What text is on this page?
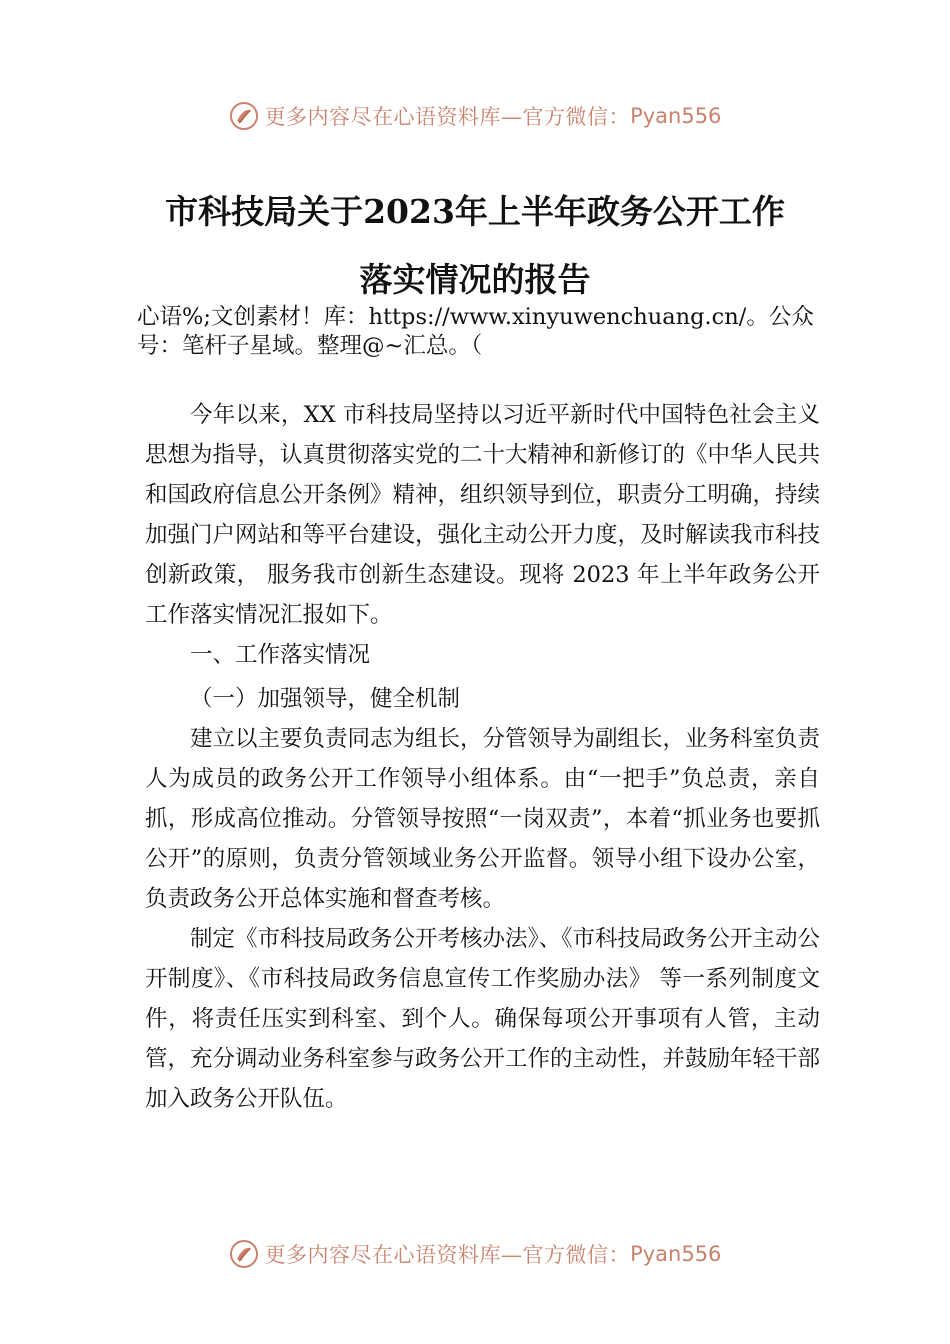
更多内容尽在心语资料库—官方微信： Pyan556
市科技局关于2023年上半年政务公开工作
落实情况的报告
心语%;文创素材！库：https://www.xinyuwenchuang.cn/。公众号：笔杆子星域。整理@~汇总。（

今年以来，XX 市科技局坚持以习近平新时代中国特色社会主义思想为指导，认真贯彻落实党的二十大精神和新修订的《中华人民共和国政府信息公开条例》精神，组织领导到位，职责分工明确，持续加强门户网站和等平台建设，强化主动公开力度，及时解读我市科技创新政策， 服务我市创新生态建设。现将 2023 年上半年政务公开工作落实情况汇报如下。

一、工作落实情况

（一）加强领导，健全机制

建立以主要负责同志为组长，分管领导为副组长，业务科室负责人为成员的政务公开工作领导小组体系。由“一把手”负总责，亲自抓，形成高位推动。分管领导按照“一岗双责”，本着“抓业务也要抓公开”的原则，负责分管领域业务公开监督。领导小组下设办公室，负责政务公开总体实施和督查考核。

制定《市科技局政务公开考核办法》、《市科技局政务公开主动公开制度》、《市科技局政务信息宣传工作奖励办法》 等一系列制度文件，将责任压实到科室、到个人。确保每项公开事项有人管，主动管，充分调动业务科室参与政务公开工作的主动性，并鼓励年轻干部加入政务公开队伍。

更多内容尽在心语资料库—官方微信： Pyan556
